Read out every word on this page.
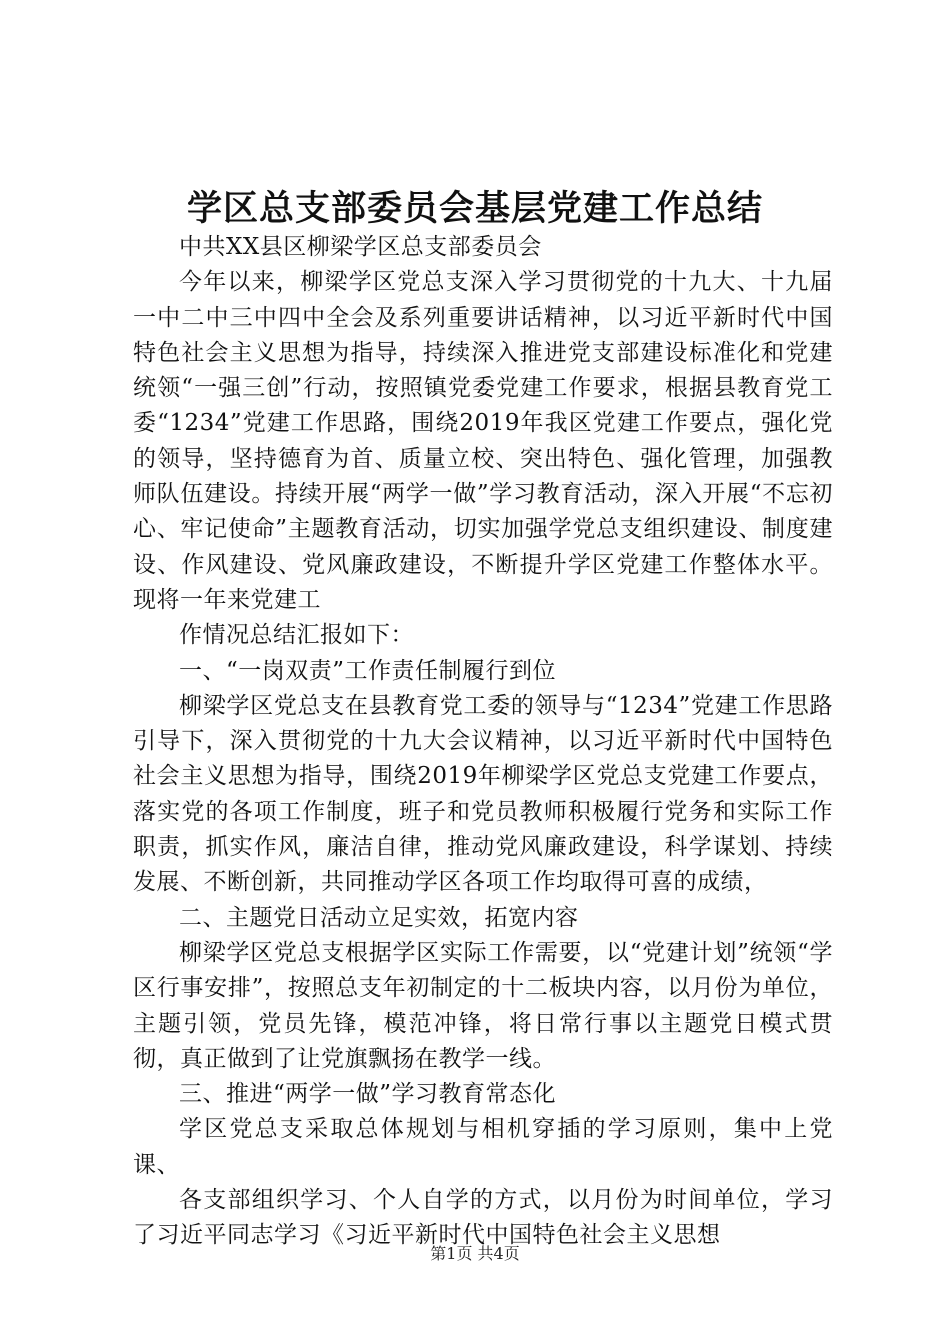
学区总支部委员会基层党建工作总结

中共XX县区柳梁学区总支部委员会

今年以来，柳梁学区党总支深入学习贯彻党的十九大、十九届一中二中三中四中全会及系列重要讲话精神，以习近平新时代中国特色社会主义思想为指导，持续深入推进党支部建设标准化和党建统领“一强三创”行动，按照镇党委党建工作要求，根据县教育党工委“1234”党建工作思路，围绕2019年我区党建工作要点，强化党的领导，坚持德育为首、质量立校、突出特色、强化管理，加强教师队伍建设。持续开展“两学一做”学习教育活动，深入开展“不忘初心、牢记使命”主题教育活动，切实加强学党总支组织建设、制度建设、作风建设、党风廉政建设，不断提升学区党建工作整体水平。现将一年来党建工

作情况总结汇报如下：

一、“一岗双责”工作责任制履行到位

柳梁学区党总支在县教育党工委的领导与“1234”党建工作思路引导下，深入贯彻党的十九大会议精神，以习近平新时代中国特色社会主义思想为指导，围绕2019年柳梁学区党总支党建工作要点，落实党的各项工作制度，班子和党员教师积极履行党务和实际工作职责，抓实作风，廉洁自律，推动党风廉政建设，科学谋划、持续发展、不断创新，共同推动学区各项工作均取得可喜的成绩，

二、主题党日活动立足实效，拓宽内容

柳梁学区党总支根据学区实际工作需要，以“党建计划”统领“学区行事安排”，按照总支年初制定的十二板块内容，以月份为单位，主题引领，党员先锋，模范冲锋，将日常行事以主题党日模式贯彻，真正做到了让党旗飘扬在教学一线。

三、推进“两学一做”学习教育常态化

学区党总支采取总体规划与相机穿插的学习原则，集中上党课、

各支部组织学习、个人自学的方式，以月份为时间单位，学习了习近平同志学习《习近平新时代中国特色社会主义思想

第1页 共4页
